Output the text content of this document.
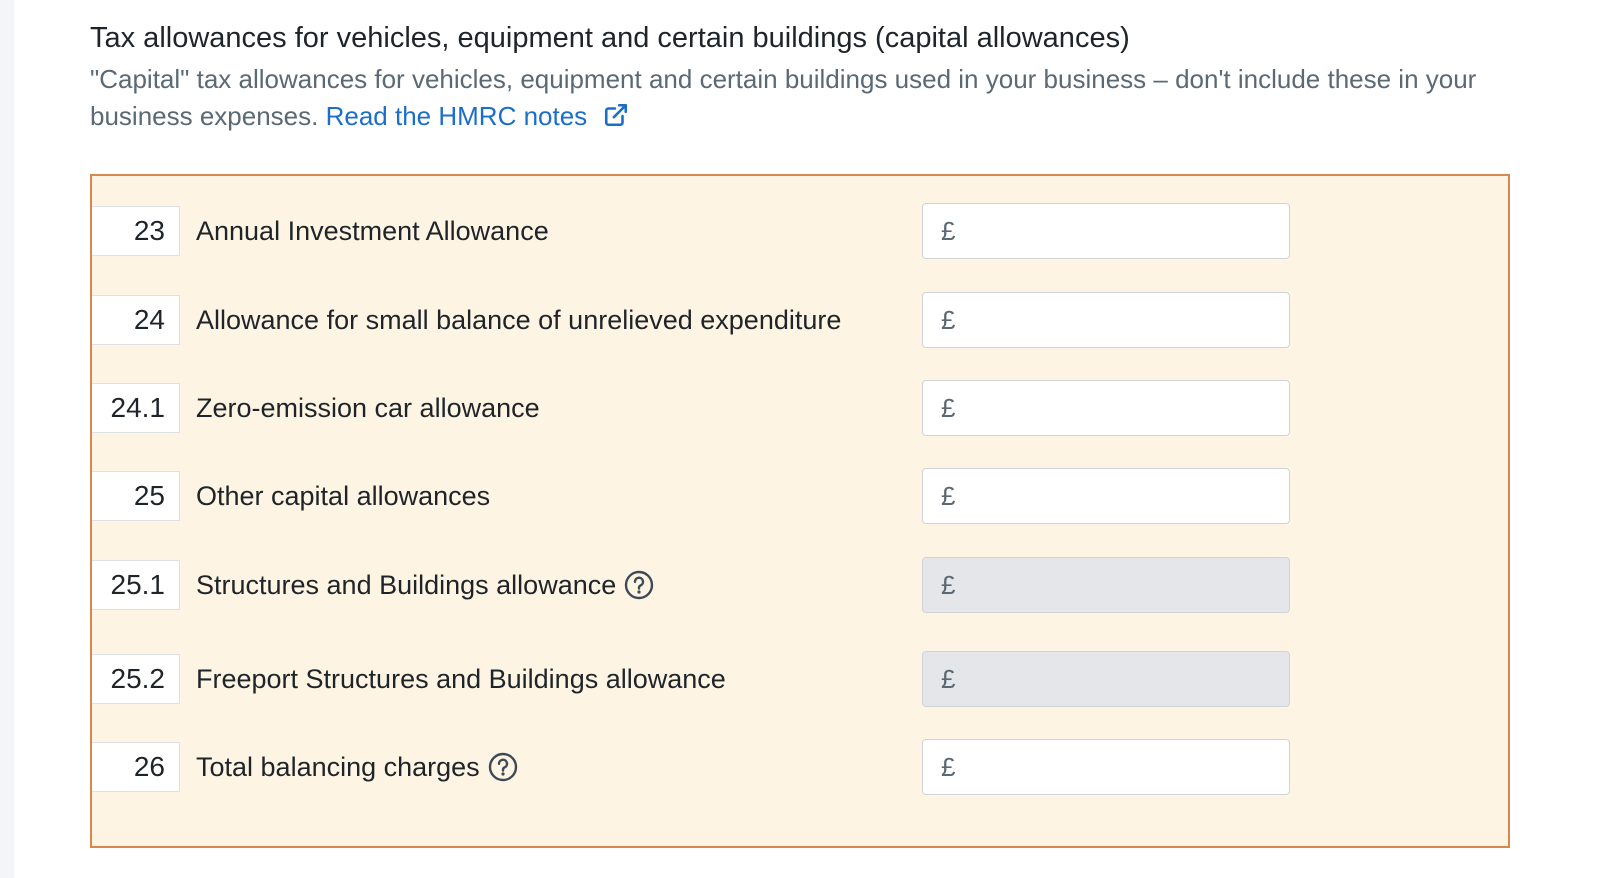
Tax allowances for vehicles, equipment and certain buildings (capital allowances)

"Capital" tax allowances for vehicles, equipment and certain buildings used in your business – don't include these in your business expenses. Read the HMRC notes

23	Annual Investment Allowance	£
24	Allowance for small balance of unrelieved expenditure	£
24.1	Zero-emission car allowance	£
25	Other capital allowances	£
25.1	Structures and Buildings allowance	£
25.2	Freeport Structures and Buildings allowance	£
26	Total balancing charges	£
